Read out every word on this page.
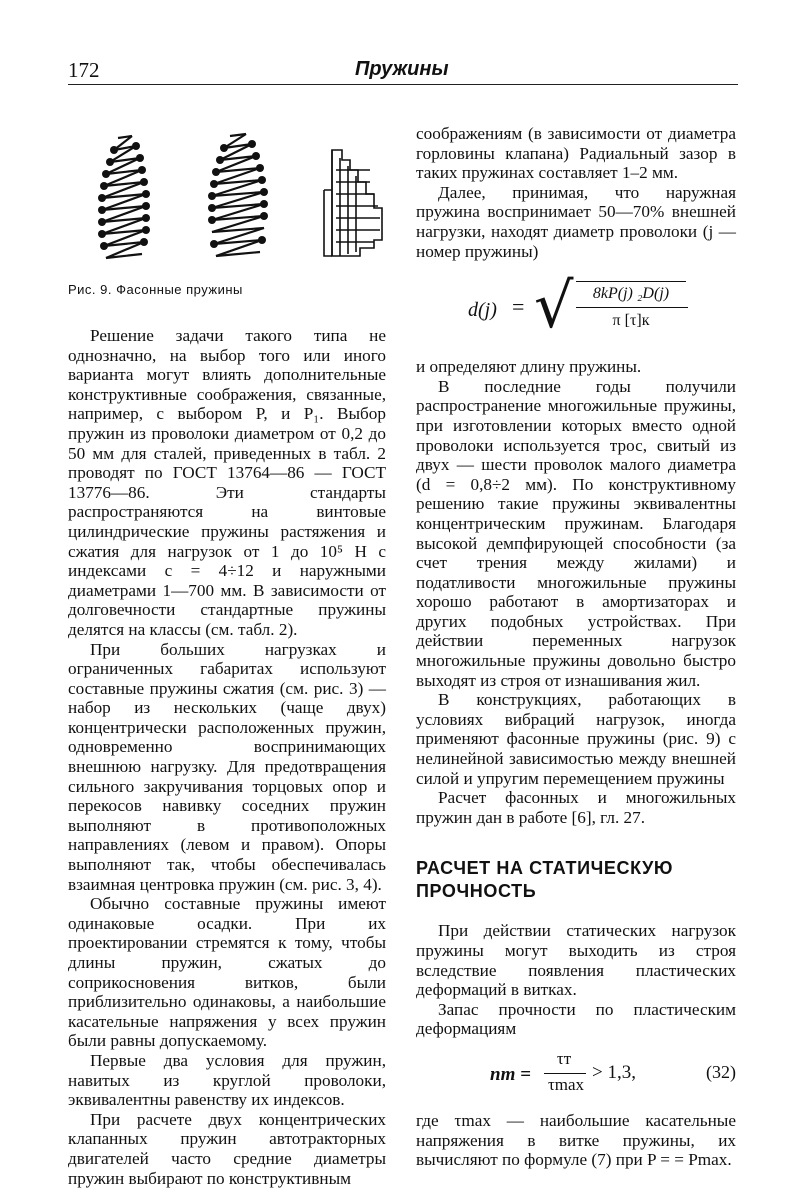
172	Пружины
Рис. 9. Фасонные пружины

Решение задачи такого типа не однозначно, на выбор того или иного варианта могут влиять дополнительные конструктивные соображения, связанные, например, с выбором P, и P₁. Выбор пружин из проволоки диаметром от 0,2 до 50 мм для сталей, приведенных в табл. 2 проводят по ГОСТ 13764—86 — ГОСТ 13776—86. Эти стандарты распространяются на винтовые цилиндрические пружины растяжения и сжатия для нагрузок от 1 до 10⁵ Н с индексами c = 4÷12 и наружными диаметрами 1—700 мм. В зависимости от долговечности стандартные пружины делятся на классы (см. табл. 2).

При больших нагрузках и ограниченных габаритах используют составные пружины сжатия (см. рис. 3) — набор из нескольких (чаще двух) концентрически расположенных пружин, одновременно воспринимающих внешнюю нагрузку. Для предотвращения сильного закручивания торцовых опор и перекосов навивку соседних пружин выполняют в противоположных направлениях (левом и правом). Опоры выполняют так, чтобы обеспечивалась взаимная центровка пружин (см. рис. 3, 4).

Обычно составные пружины имеют одинаковые осадки. При их проектировании стремятся к тому, чтобы длины пружин, сжатых до соприкосновения витков, были приблизительно одинаковы, а наибольшие касательные напряжения у всех пружин были равны допускаемому.

Первые два условия для пружин, навитых из круглой проволоки, эквивалентны равенству их индексов.

При расчете двух концентрических клапанных пружин автотракторных двигателей часто средние диаметры пружин выбирают по конструктивным

соображениям (в зависимости от диаметра горловины клапана) Радиальный зазор в таких пружинах составляет 1–2 мм.

Далее, принимая, что наружная пружина воспринимает 50—70% внешней нагрузки, находят диаметр проволоки (j — номер пружины)

d(j) = √	8kP(j) ₂D(j)
π [τ]к

и определяют длину пружины.

В последние годы получили распространение многожильные пружины, при изготовлении которых вместо одной проволоки используется трос, свитый из двух — шести проволок малого диаметра (d = 0,8÷2 мм). По конструктивному решению такие пружины эквивалентны концентрическим пружинам. Благодаря высокой демпфирующей способности (за счет трения между жилами) и податливости многожильные пружины хорошо работают в амортизаторах и других подобных устройствах. При действии переменных нагрузок многожильные пружины довольно быстро выходят из строя от изнашивания жил.

В конструкциях, работающих в условиях вибраций нагрузок, иногда применяют фасонные пружины (рис. 9) с нелинейной зависимостью между внешней силой и упругим перемещением пружины

Расчет фасонных и многожильных пружин дан в работе [6], гл. 27.

РАСЧЕТ НА СТАТИЧЕСКУЮ ПРОЧНОСТЬ

При действии статических нагрузок пружины могут выходить из строя вследствие появления пластических деформаций в витках.

Запас прочности по пластическим деформациям

nт =
τт
τmax
> 1,3,	(32)

где τmax — наибольшие касательные напряжения в витке пружины, их вычисляют по формуле (7) при P = = Pmax.
